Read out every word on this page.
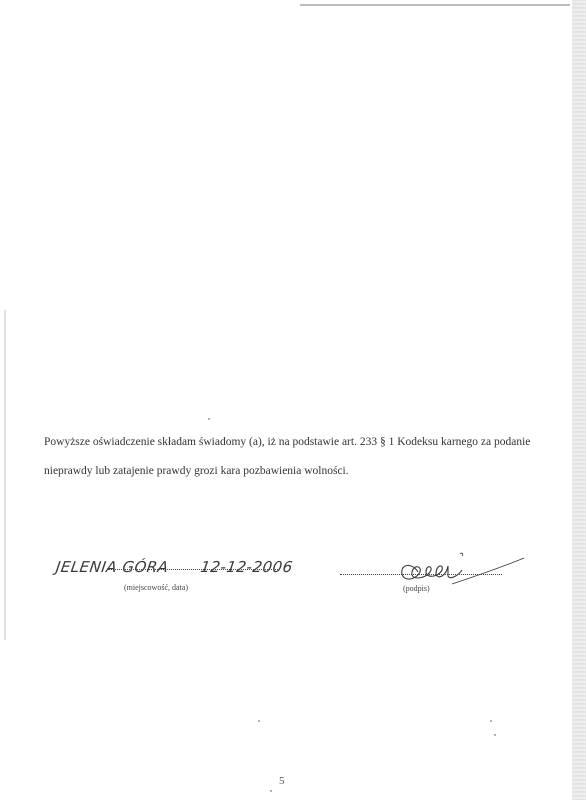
Powyższe oświadczenie składam świadomy (a), iż na podstawie art. 233 § 1 Kodeksu karnego za podanie

nieprawdy lub zatajenie prawdy grozi kara pozbawienia wolności.

JELENIA GÓRA 12-12-2006
(miejscowość, data)	(podpis)
5
